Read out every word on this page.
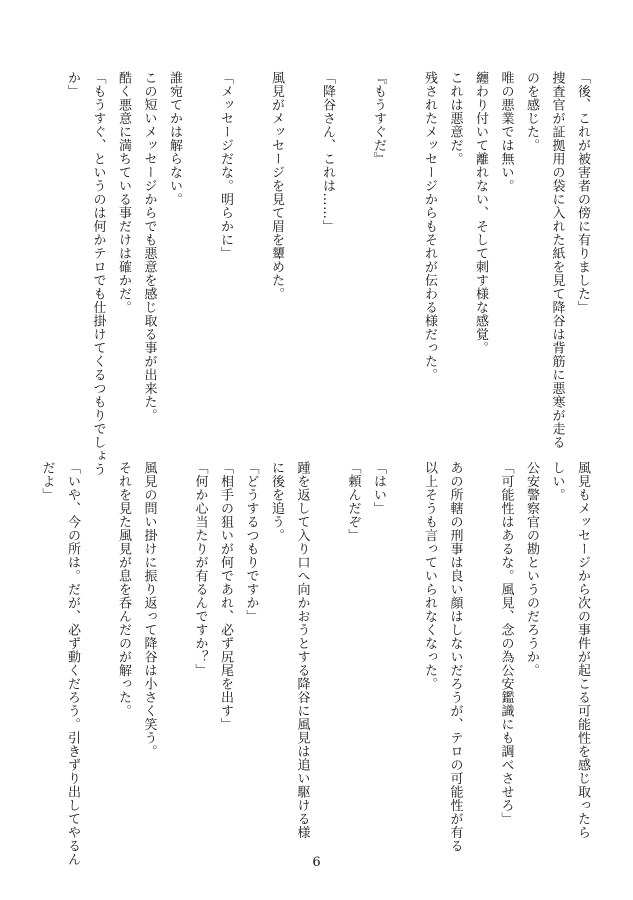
「後、これが被害者の傍に有りました」
捜査官が証拠用の袋に入れた紙を見て降谷は背筋に悪寒が走る
のを感じた。
唯の悪業では無い。
纏わり付いて離れない、そして刺す様な感覚。
これは悪意だ。
残されたメッセージからもそれが伝わる様だった。

『もうすぐだ』

「降谷さん、これは……」

風見がメッセージを見て眉を顰めた。

「メッセージだな。明らかに」

誰宛てかは解らない。
この短いメッセージからでも悪意を感じ取る事が出来た。
酷く悪意に満ちている事だけは確かだ。
「もうすぐ、というのは何かテロでも仕掛けてくるつもりでしょう
か」
風見もメッセージから次の事件が起こる可能性を感じ取ったら
しい。
公安警察官の勘というのだろうか。
「可能性はあるな。風見、念の為公安鑑識にも調べさせろ」

あの所轄の刑事は良い顔はしないだろうが、テロの可能性が有る
以上そうも言っていられなくなった。

「はい」
「頼んだぞ」

踵を返して入り口へ向かおうとする降谷に風見は追い駆ける様
に後を追う。
「どうするつもりですか」
「相手の狙いが何であれ、必ず尻尾を出す」
「何か心当たりが有るんですか？」

風見の問い掛けに振り返って降谷は小さく笑う。
それを見た風見が息を呑んだのが解った。

「いや、今の所は。だが、必ず動くだろう。引きずり出してやるん
だよ」
6
